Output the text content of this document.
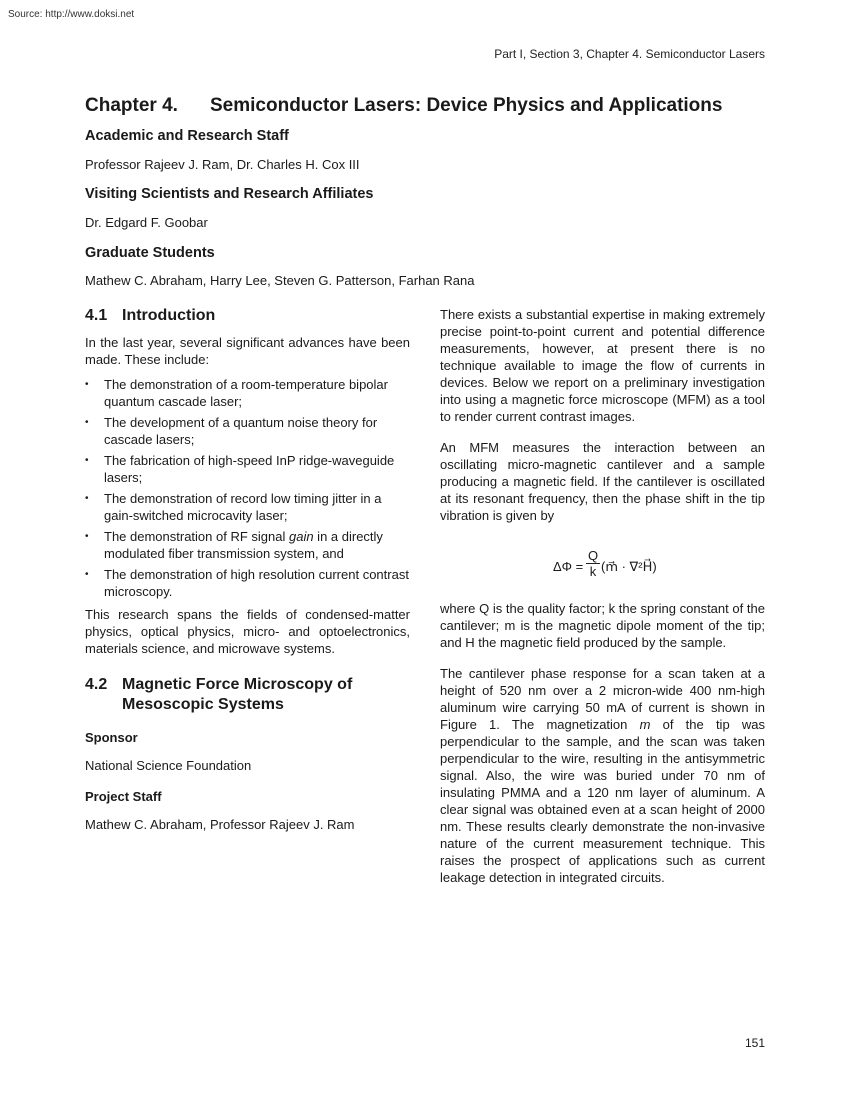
Source: http://www.doksi.net
Part I, Section 3, Chapter 4. Semiconductor Lasers
Chapter 4. Semiconductor Lasers: Device Physics and Applications
Academic and Research Staff
Professor Rajeev J. Ram, Dr. Charles H. Cox III
Visiting Scientists and Research Affiliates
Dr. Edgard F. Goobar
Graduate Students
Mathew C. Abraham, Harry Lee, Steven G. Patterson, Farhan Rana
4.1 Introduction

In the last year, several significant advances have been made. These include:

• The demonstration of a room-temperature bipolar quantum cascade laser;
• The development of a quantum noise theory for cascade lasers;
• The fabrication of high-speed InP ridge-waveguide lasers;
• The demonstration of record low timing jitter in a gain-switched microcavity laser;
• The demonstration of RF signal gain in a directly modulated fiber transmission system, and
• The demonstration of high resolution current contrast microscopy.

This research spans the fields of condensed-matter physics, optical physics, micro- and optoelectronics, materials science, and microwave systems.

4.2 Magnetic Force Microscopy of Mesoscopic Systems
Sponsor
National Science Foundation
Project Staff
Mathew C. Abraham, Professor Rajeev J. Ram

There exists a substantial expertise in making extremely precise point-to-point current and potential difference measurements, however, at present there is no technique available to image the flow of currents in devices. Below we report on a preliminary investigation into using a magnetic force microscope (MFM) as a tool to render current contrast images.

An MFM measures the interaction between an oscillating micro-magnetic cantilever and a sample producing a magnetic field. If the cantilever is oscillated at its resonant frequency, then the phase shift in the tip vibration is given by

$\Delta\Phi = \frac{Q}{k}$ (m⃗ · ∇²H⃗)

where Q is the quality factor; k the spring constant of the cantilever; m is the magnetic dipole moment of the tip; and H the magnetic field produced by the sample.

The cantilever phase response for a scan taken at a height of 520 nm over a 2 micron-wide 400 nm-high aluminum wire carrying 50 mA of current is shown in Figure 1. The magnetization m of the tip was perpendicular to the sample, and the scan was taken perpendicular to the wire, resulting in the antisymmetric signal. Also, the wire was buried under 70 nm of insulating PMMA and a 120 nm layer of aluminum. A clear signal was obtained even at a scan height of 2000 nm. These results clearly demonstrate the non-invasive nature of the current measurement technique. This raises the prospect of applications such as current leakage detection in integrated circuits.

151
